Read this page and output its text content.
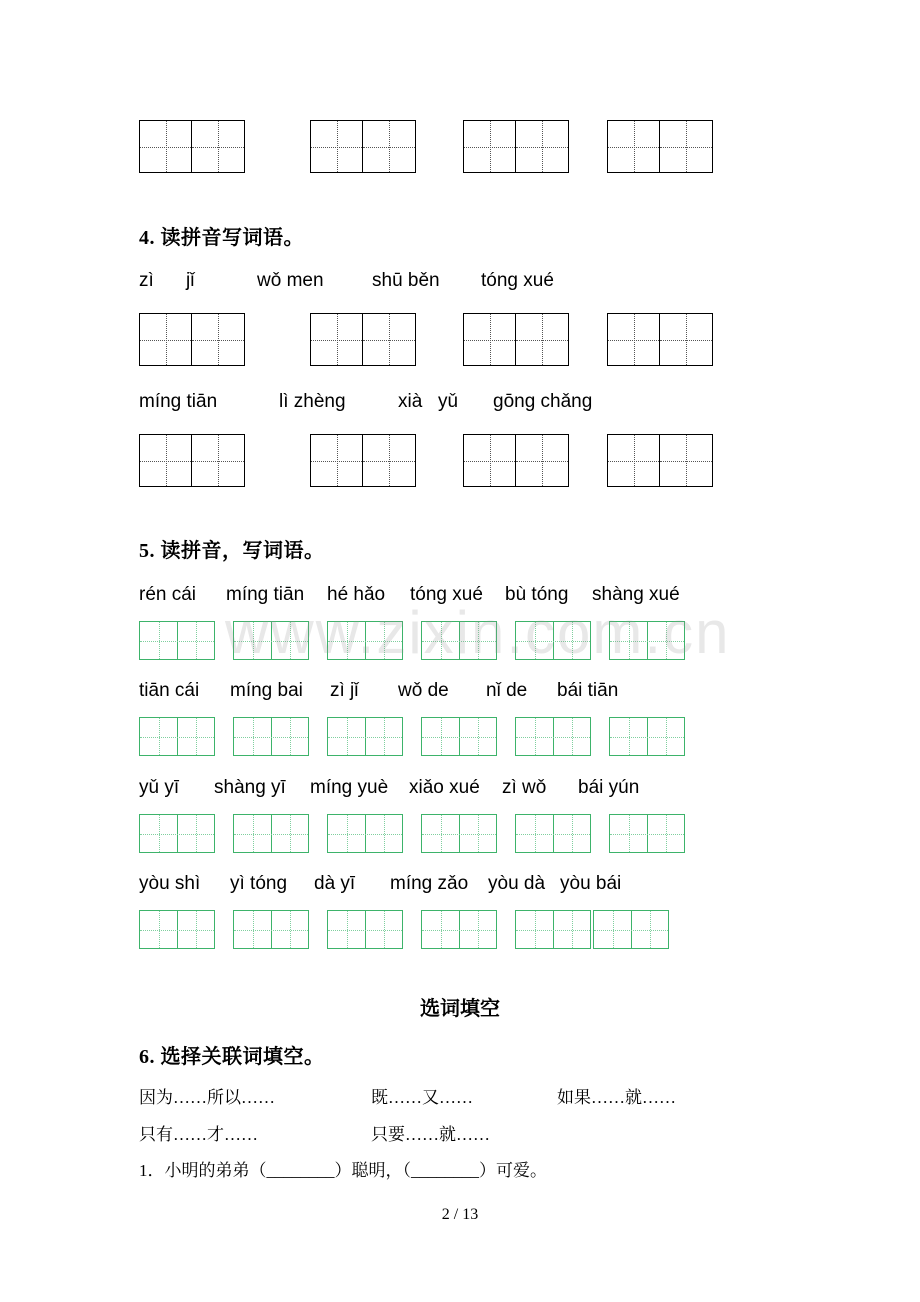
4. 读拼音写词语。
zì jǐ	wǒ men	shū běn tóng xué
míng tiān	lì zhèng	xià yǔ gōng chǎng
5. 读拼音，写词语。
rén cái míng tiān hé hǎo tóng xué bù tóng shàng xué
tiān cái míng bai zì jǐ wǒ de nǐ de bái tiān
yǔ yī shàng yī míng yuè xiǎo xué zì wǒ bái yún
yòu shì yì tóng dà yī míng zǎo yòu dà yòu bái
www.zixin.com.cn
选词填空
6. 选择关联词填空。
因为……所以……	既……又……	如果……就……
只有……才……	只要……就……
1．小明的弟弟（________）聪明，（________）可爱。
2 / 13
